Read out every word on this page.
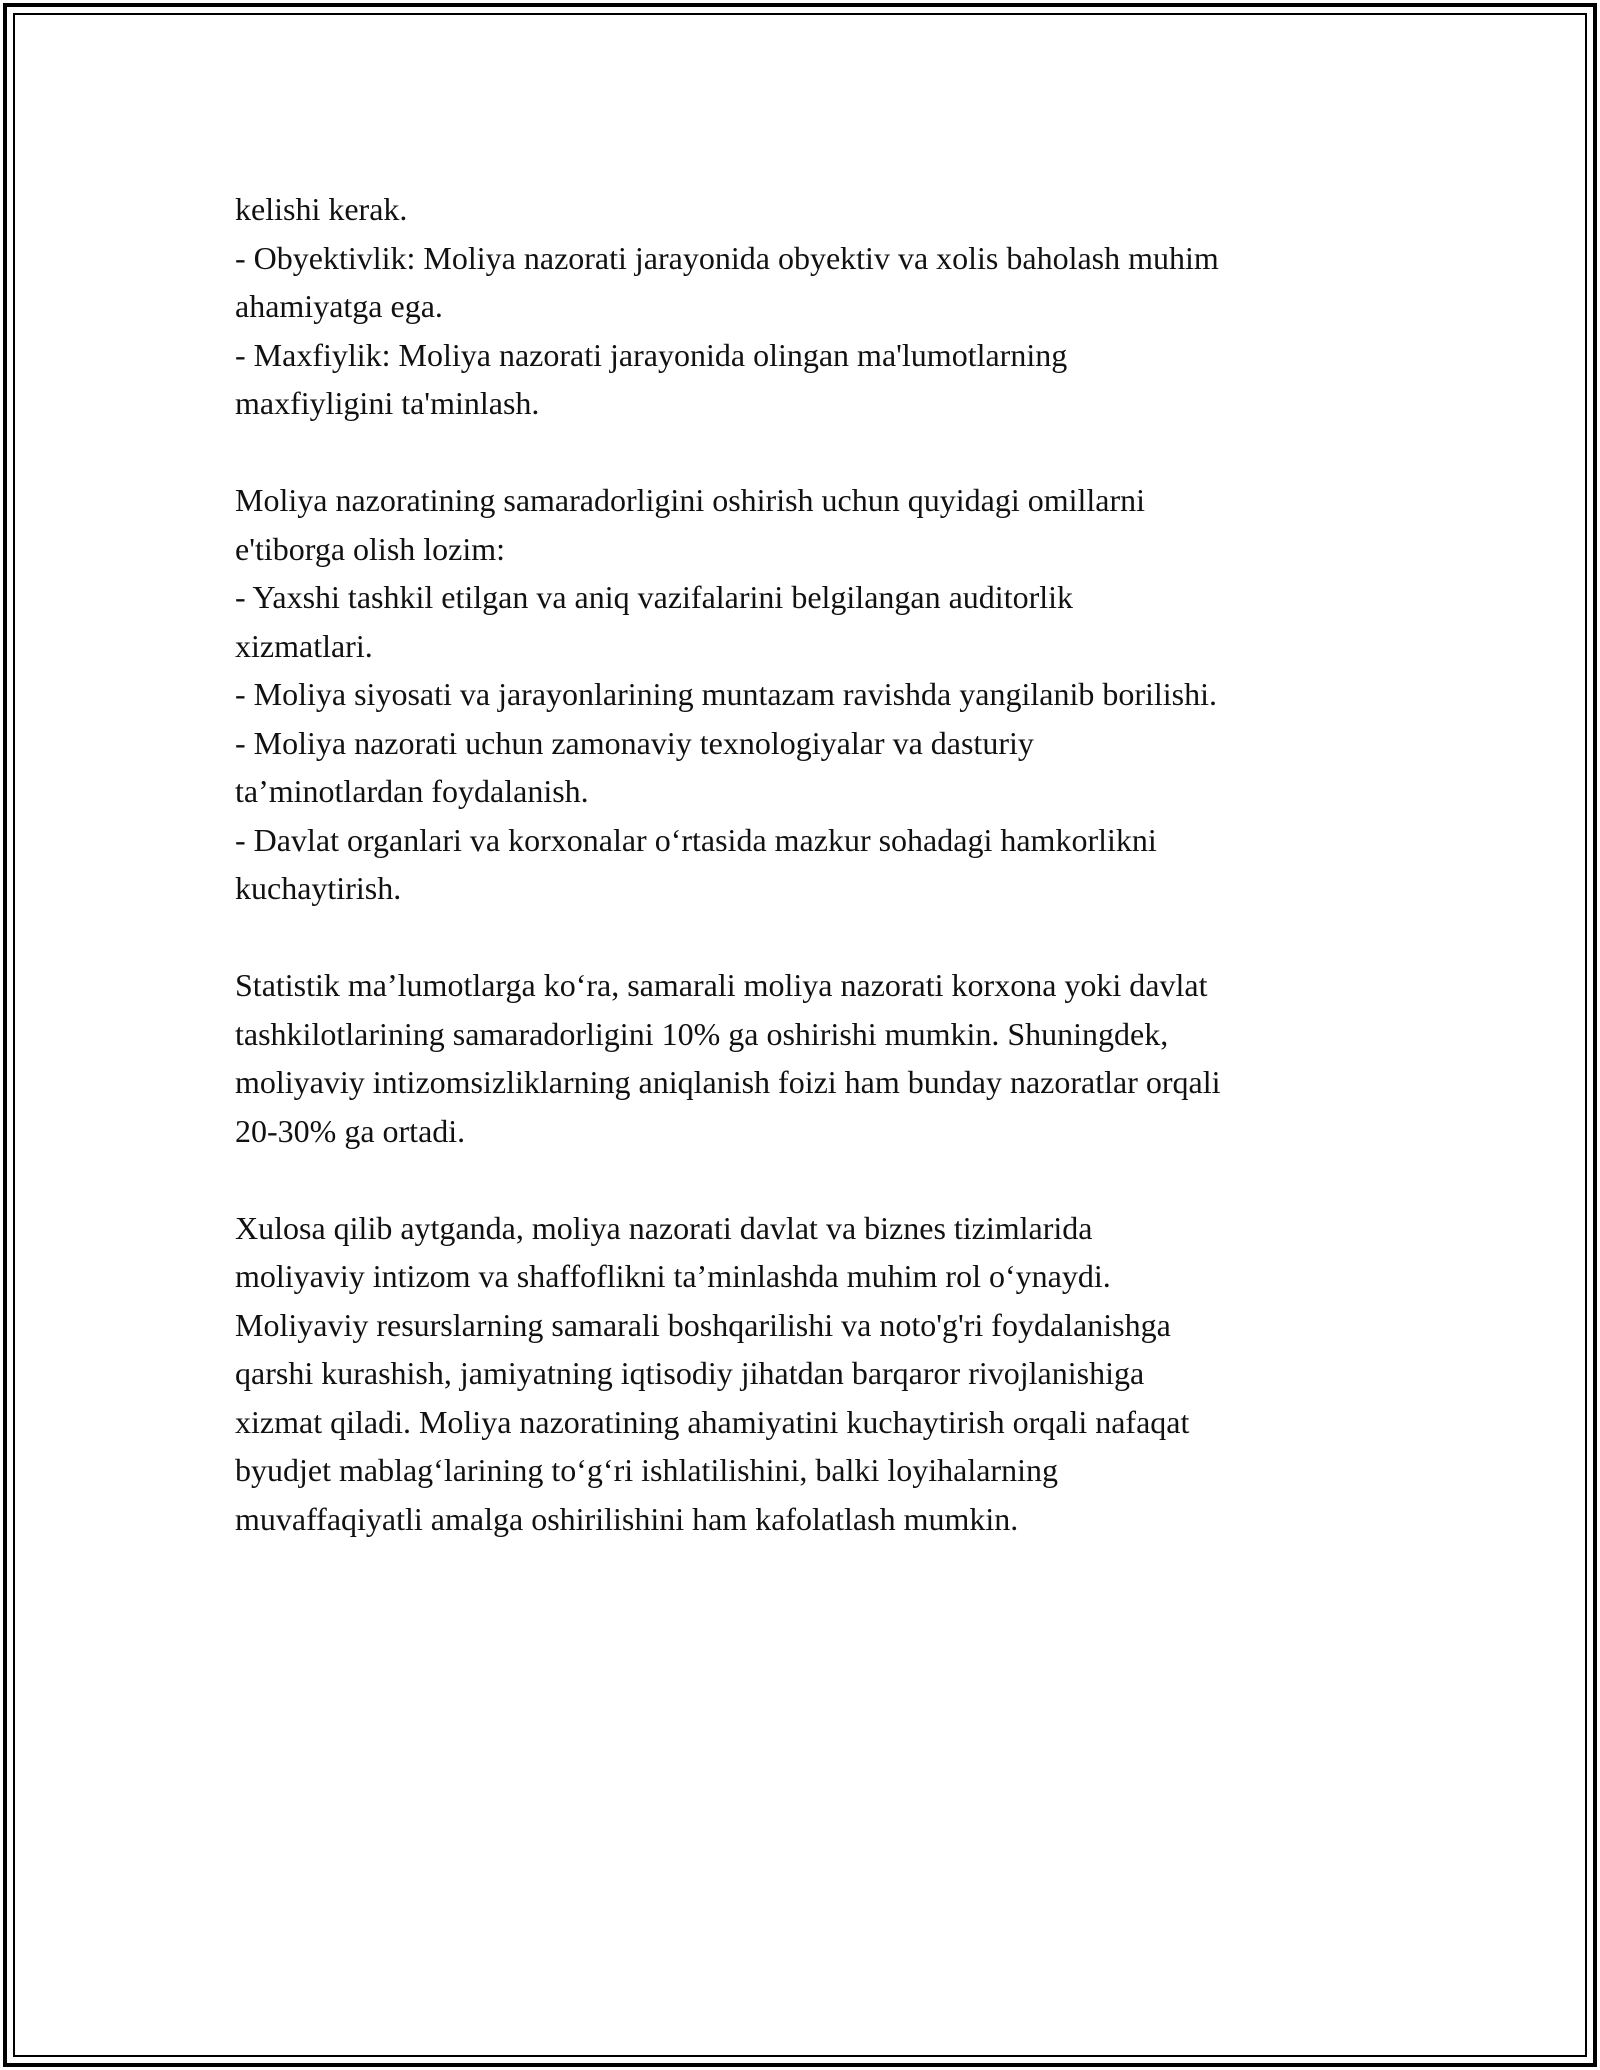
kelishi kerak.
- Obyektivlik: Moliya nazorati jarayonida obyektiv va xolis baholash muhim
ahamiyatga ega.
- Maxfiylik: Moliya nazorati jarayonida olingan ma'lumotlarning
maxfiyligini ta'minlash.

Moliya nazoratining samaradorligini oshirish uchun quyidagi omillarni
e'tiborga olish lozim:
- Yaxshi tashkil etilgan va aniq vazifalarini belgilangan auditorlik
xizmatlari.
- Moliya siyosati va jarayonlarining muntazam ravishda yangilanib borilishi.
- Moliya nazorati uchun zamonaviy texnologiyalar va dasturiy
ta’minotlardan foydalanish.
- Davlat organlari va korxonalar o‘rtasida mazkur sohadagi hamkorlikni
kuchaytirish.

Statistik ma’lumotlarga ko‘ra, samarali moliya nazorati korxona yoki davlat
tashkilotlarining samaradorligini 10% ga oshirishi mumkin. Shuningdek,
moliyaviy intizomsizliklarning aniqlanish foizi ham bunday nazoratlar orqali
20-30% ga ortadi.

Xulosa qilib aytganda, moliya nazorati davlat va biznes tizimlarida
moliyaviy intizom va shaffoflikni ta’minlashda muhim rol o‘ynaydi.
Moliyaviy resurslarning samarali boshqarilishi va noto'g'ri foydalanishga
qarshi kurashish, jamiyatning iqtisodiy jihatdan barqaror rivojlanishiga
xizmat qiladi. Moliya nazoratining ahamiyatini kuchaytirish orqali nafaqat
byudjet mablag‘larining to‘g‘ri ishlatilishini, balki loyihalarning
muvaffaqiyatli amalga oshirilishini ham kafolatlash mumkin.
